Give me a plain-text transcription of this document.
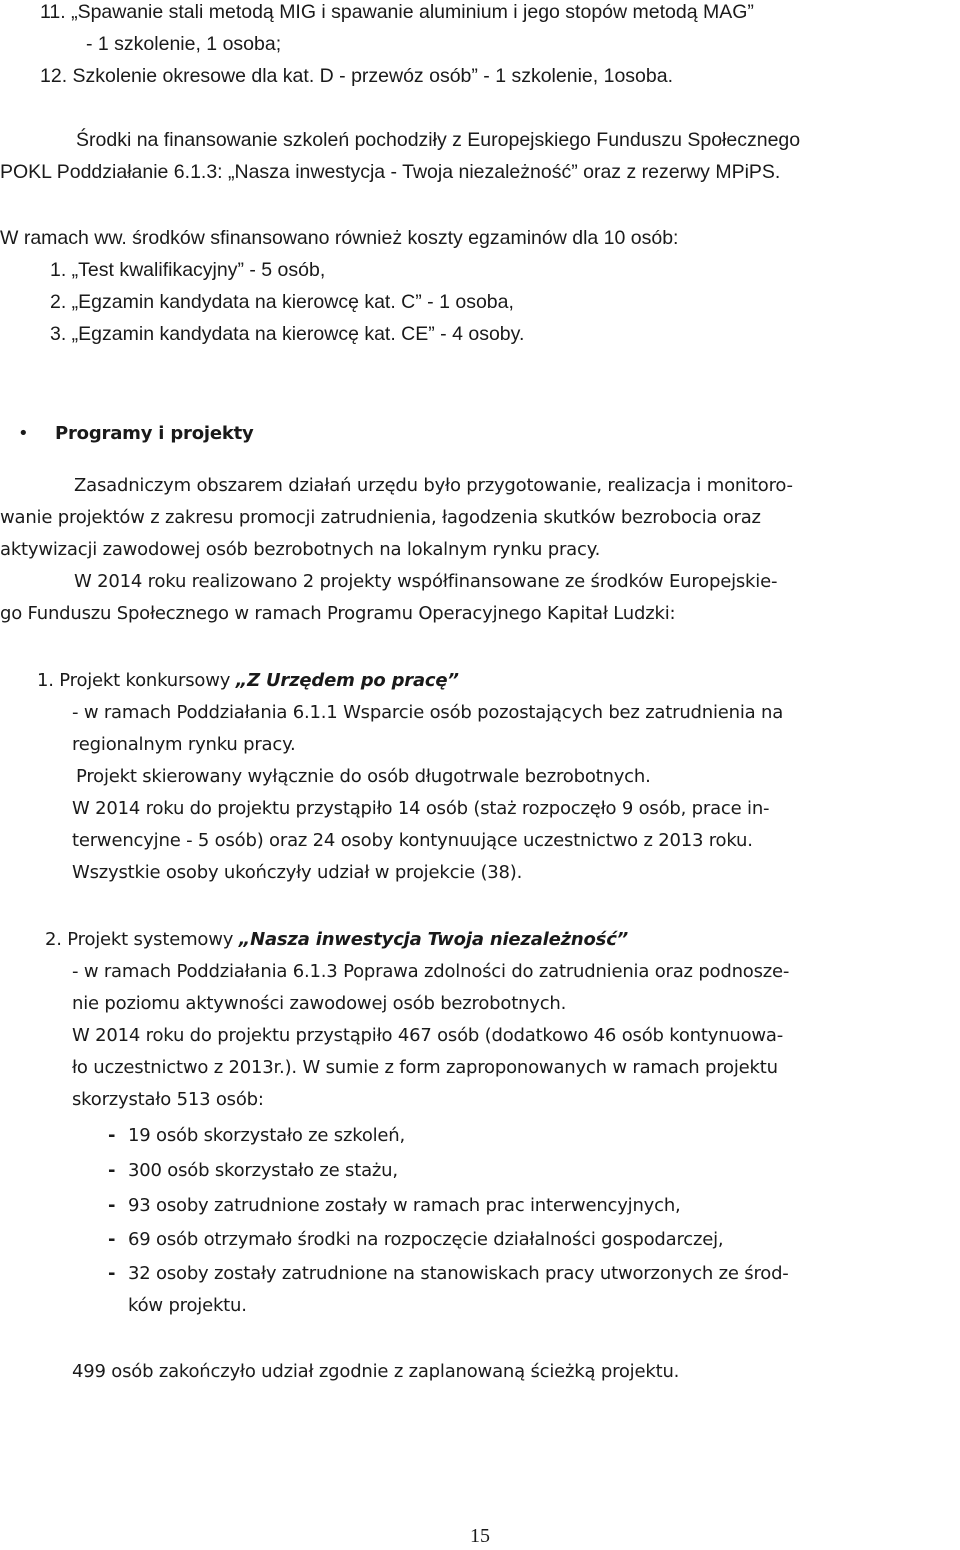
11. „Spawanie stali metodą MIG i spawanie aluminium i jego stopów metodą MAG”
- 1 szkolenie, 1 osoba;
12. Szkolenie okresowe dla kat. D - przewóz osób” - 1 szkolenie, 1osoba.
Środki na finansowanie szkoleń pochodziły z Europejskiego Funduszu Społecznego
POKL Poddziałanie 6.1.3: „Nasza inwestycja - Twoja niezależność” oraz z rezerwy MPiPS.
W ramach ww. środków sfinansowano również koszty egzaminów dla 10 osób:
1. „Test kwalifikacyjny” - 5 osób,
2. „Egzamin kandydata na kierowcę kat. C” - 1 osoba,
3. „Egzamin kandydata na kierowcę kat. CE” - 4 osoby.
• Programy i projekty
Zasadniczym obszarem działań urzędu było przygotowanie, realizacja i monitoro-
wanie projektów z zakresu promocji zatrudnienia, łagodzenia skutków bezrobocia oraz
aktywizacji zawodowej osób bezrobotnych na lokalnym rynku pracy.
W 2014 roku realizowano 2 projekty współfinansowane ze środków Europejskie-
go Funduszu Społecznego w ramach Programu Operacyjnego Kapitał Ludzki:
1. Projekt konkursowy „Z Urzędem po pracę”
- w ramach Poddziałania 6.1.1 Wsparcie osób pozostających bez zatrudnienia na
regionalnym rynku pracy.
Projekt skierowany wyłącznie do osób długotrwale bezrobotnych.
W 2014 roku do projektu przystąpiło 14 osób (staż rozpoczęło 9 osób, prace in-
terwencyjne - 5 osób) oraz 24 osoby kontynuujące uczestnictwo z 2013 roku.
Wszystkie osoby ukończyły udział w projekcie (38).
2. Projekt systemowy „Nasza inwestycja Twoja niezależność”
- w ramach Poddziałania 6.1.3 Poprawa zdolności do zatrudnienia oraz podnosze-
nie poziomu aktywności zawodowej osób bezrobotnych.
W 2014 roku do projektu przystąpiło 467 osób (dodatkowo 46 osób kontynuowa-
ło uczestnictwo z 2013r.). W sumie z form zaproponowanych w ramach projektu
skorzystało 513 osób:
- 19 osób skorzystało ze szkoleń,
- 300 osób skorzystało ze stażu,
- 93 osoby zatrudnione zostały w ramach prac interwencyjnych,
- 69 osób otrzymało środki na rozpoczęcie działalności gospodarczej,
- 32 osoby zostały zatrudnione na stanowiskach pracy utworzonych ze środ-
ków projektu.
499 osób zakończyło udział zgodnie z zaplanowaną ścieżką projektu.
15
